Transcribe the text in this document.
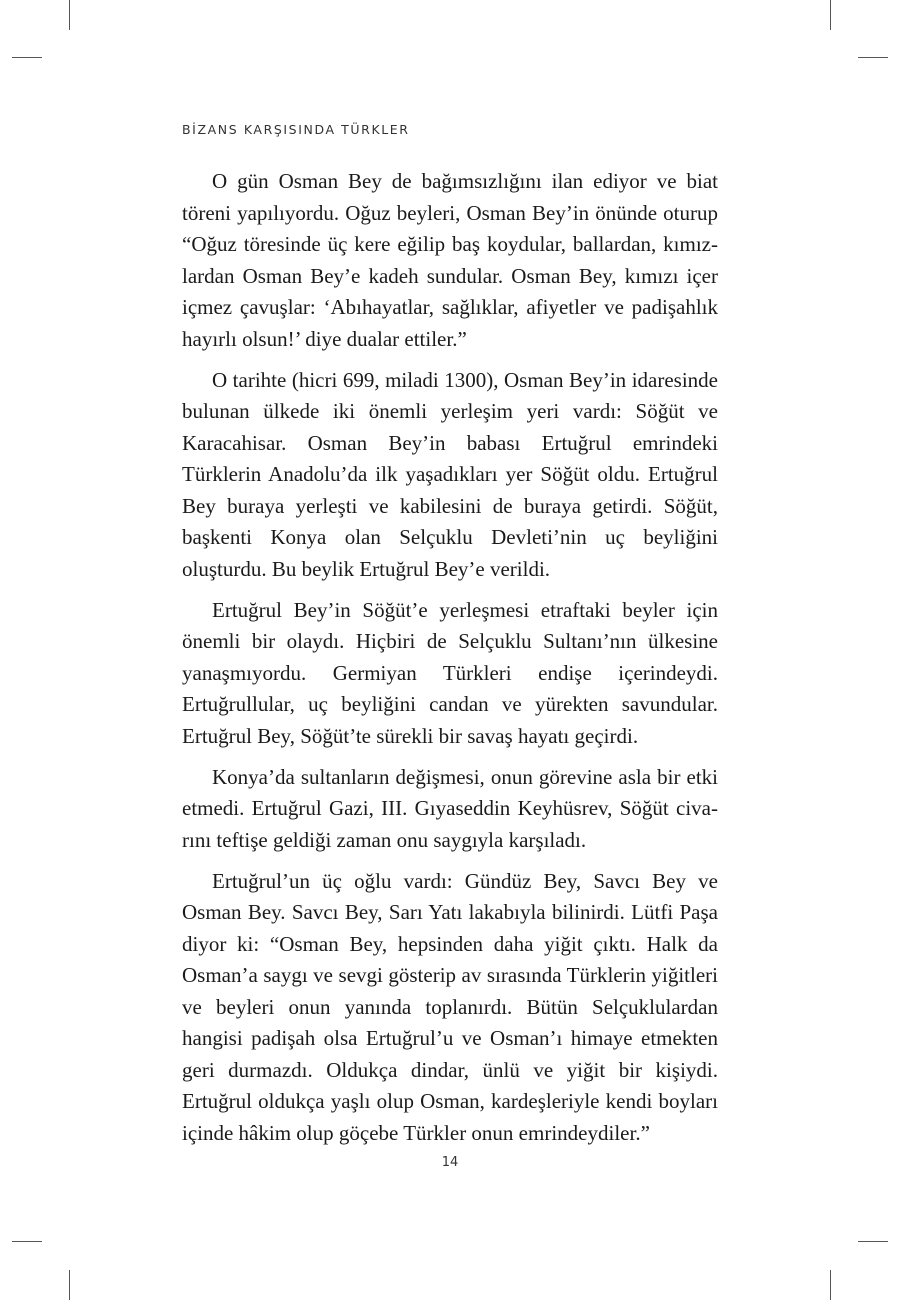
BİZANS KARŞISINDA TÜRKLER

O gün Osman Bey de bağımsızlığını ilan ediyor ve biat töreni yapılıyordu. Oğuz beyleri, Osman Bey’in önünde oturup “Oğuz töresinde üç kere eğilip baş koydular, ballardan, kımızlardan Osman Bey’e kadeh sundular. Osman Bey, kımızı içer içmez çavuşlar: ‘Abıhayatlar, sağlıklar, afiyetler ve padişahlık hayırlı olsun!’ diye dualar ettiler.”

O tarihte (hicri 699, miladi 1300), Osman Bey’in idaresinde bulunan ülkede iki önemli yerleşim yeri vardı: Söğüt ve Karacahisar. Osman Bey’in babası Ertuğrul emrindeki Türklerin Anadolu’da ilk yaşadıkları yer Söğüt oldu. Ertuğrul Bey buraya yerleşti ve kabilesini de buraya getirdi. Söğüt, başkenti Konya olan Selçuklu Devleti’nin uç beyliğini oluşturdu. Bu beylik Ertuğrul Bey’e verildi.

Ertuğrul Bey’in Söğüt’e yerleşmesi etraftaki beyler için önemli bir olaydı. Hiçbiri de Selçuklu Sultanı’nın ülkesine yanaşmıyordu. Germiyan Türkleri endişe içerindeydi. Ertuğrullular, uç beyliğini candan ve yürekten savundular. Ertuğrul Bey, Söğüt’te sürekli bir savaş hayatı geçirdi.

Konya’da sultanların değişmesi, onun görevine asla bir etki etmedi. Ertuğrul Gazi, III. Gıyaseddin Keyhüsrev, Söğüt civarını teftişe geldiği zaman onu saygıyla karşıladı.

Ertuğrul’un üç oğlu vardı: Gündüz Bey, Savcı Bey ve Osman Bey. Savcı Bey, Sarı Yatı lakabıyla bilinirdi. Lütfi Paşa diyor ki: “Osman Bey, hepsinden daha yiğit çıktı. Halk da Osman’a saygı ve sevgi gösterip av sırasında Türklerin yiğitleri ve beyleri onun yanında toplanırdı. Bütün Selçuklulardan hangisi padişah olsa Ertuğrul’u ve Osman’ı himaye etmekten geri durmazdı. Oldukça dindar, ünlü ve yiğit bir kişiydi. Ertuğrul oldukça yaşlı olup Osman, kardeşleriyle kendi boyları içinde hâkim olup göçebe Türkler onun emrindeydiler.”

14
